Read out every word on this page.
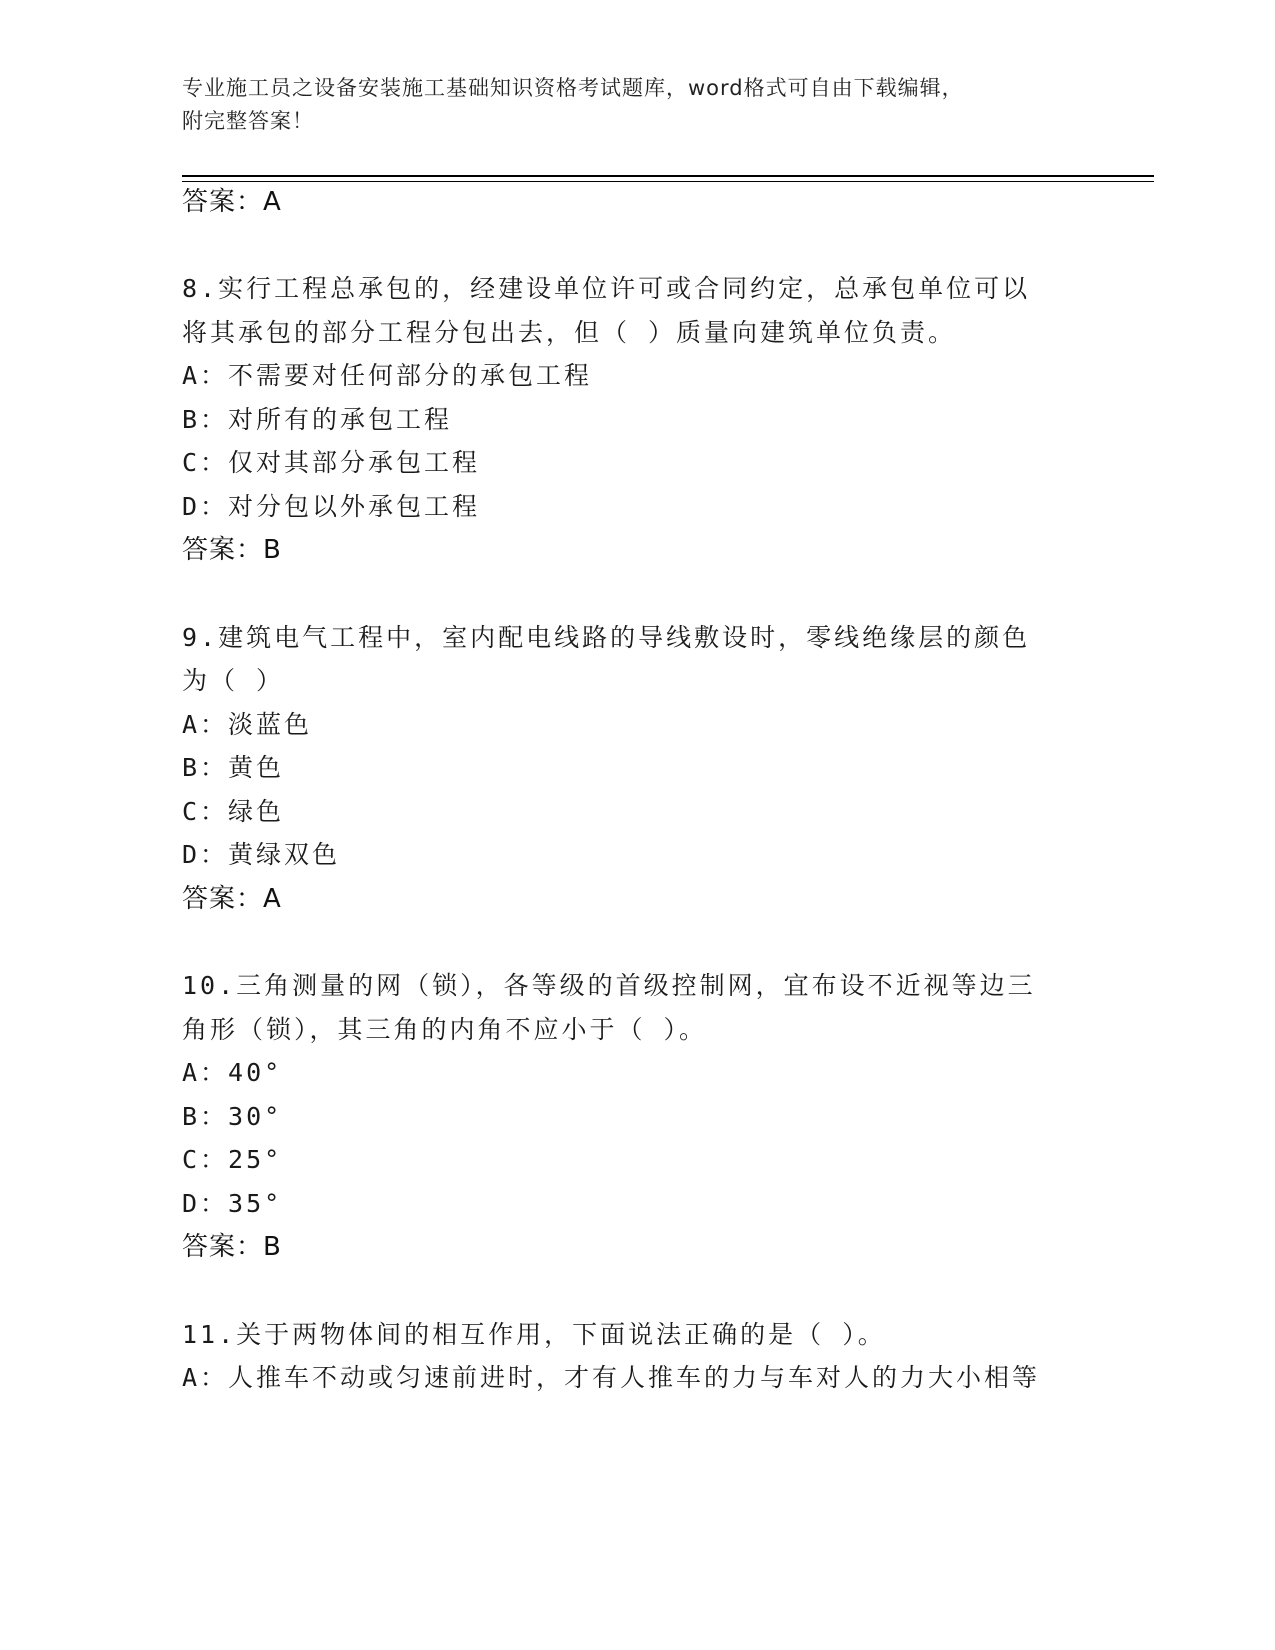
专业施工员之设备安装施工基础知识资格考试题库，word格式可自由下载编辑，
附完整答案！
答案：A
8.实行工程总承包的，经建设单位许可或合同约定，总承包单位可以
将其承包的部分工程分包出去，但（ ）质量向建筑单位负责。
A：不需要对任何部分的承包工程
B：对所有的承包工程
C：仅对其部分承包工程
D：对分包以外承包工程
答案：B
9.建筑电气工程中，室内配电线路的导线敷设时，零线绝缘层的颜色
为（ ）
A：淡蓝色
B：黄色
C：绿色
D：黄绿双色
答案：A
10.三角测量的网（锁），各等级的首级控制网，宜布设不近视等边三
角形（锁），其三角的内角不应小于（ ）。
A：40°
B：30°
C：25°
D：35°
答案：B
11.关于两物体间的相互作用，下面说法正确的是（ ）。
A：人推车不动或匀速前进时，才有人推车的力与车对人的力大小相等
